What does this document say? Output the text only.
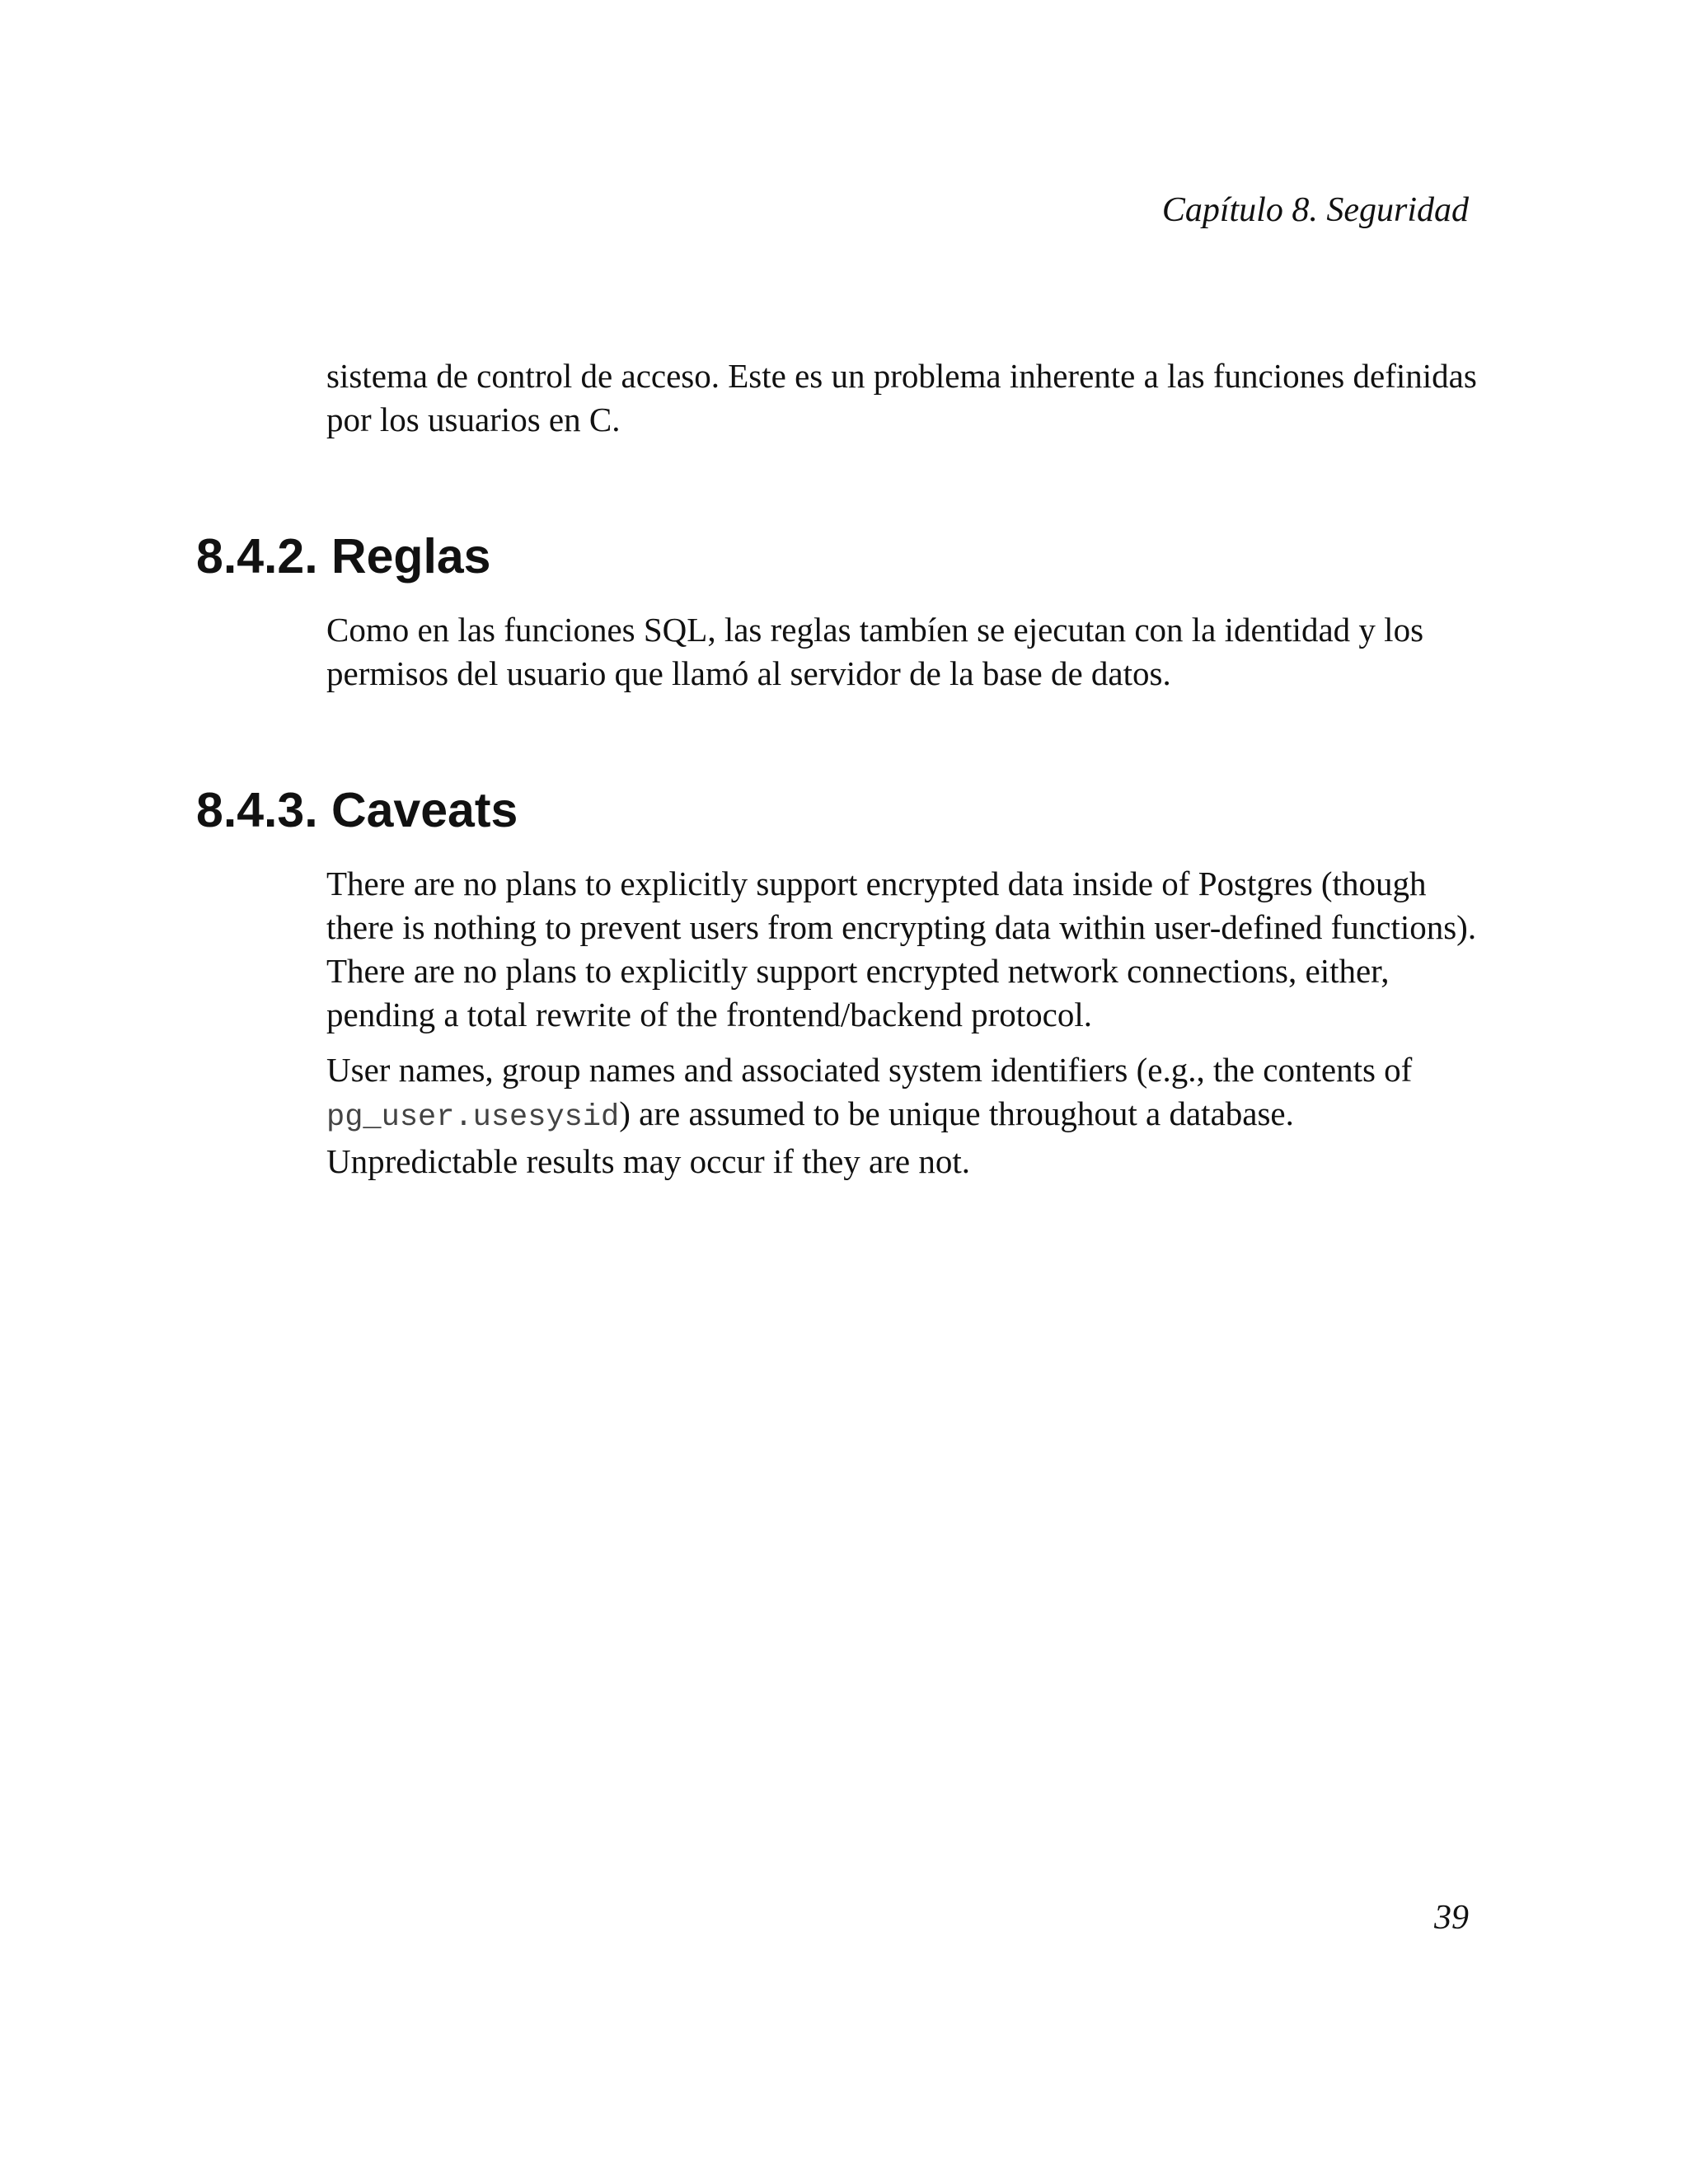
Capítulo 8. Seguridad

sistema de control de acceso. Este es un problema inherente a las funciones definidas por los usuarios en C.

8.4.2. Reglas

Como en las funciones SQL, las reglas tambíen se ejecutan con la identidad y los permisos del usuario que llamó al servidor de la base de datos.

8.4.3. Caveats

There are no plans to explicitly support encrypted data inside of Postgres (though there is nothing to prevent users from encrypting data within user-defined functions). There are no plans to explicitly support encrypted network connections, either, pending a total rewrite of the frontend/backend protocol.

User names, group names and associated system identifiers (e.g., the contents of pg_user.usesysid) are assumed to be unique throughout a database. Unpredictable results may occur if they are not.

39
